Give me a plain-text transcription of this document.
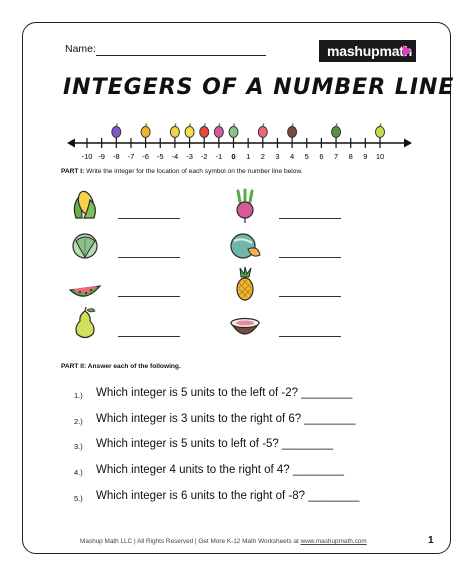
Name:	mashupmath
INTEGERS OF A NUMBER LINE
-10 -9 -8 -7 -6 -5 -4 -3 -2 -1 0 1 2 3 4 5 6 7 8 9 10
PART I: Write the integer for the location of each symbol on the number line below.
PART II: Answer each of the following.
1.) Which integer is 5 units to the left of -2? ________
2.) Which integer is 3 units to the right of 6? ________
3.) Which integer is 5 units to left of -5? ________
4.) Which integer 4 units to the right of 4? ________
5.) Which integer is 6 units to the right of -8? ________
Mashup Math LLC | All Rights Reserved | Get More K-12 Math Worksheets at www.mashupmath.com	1
